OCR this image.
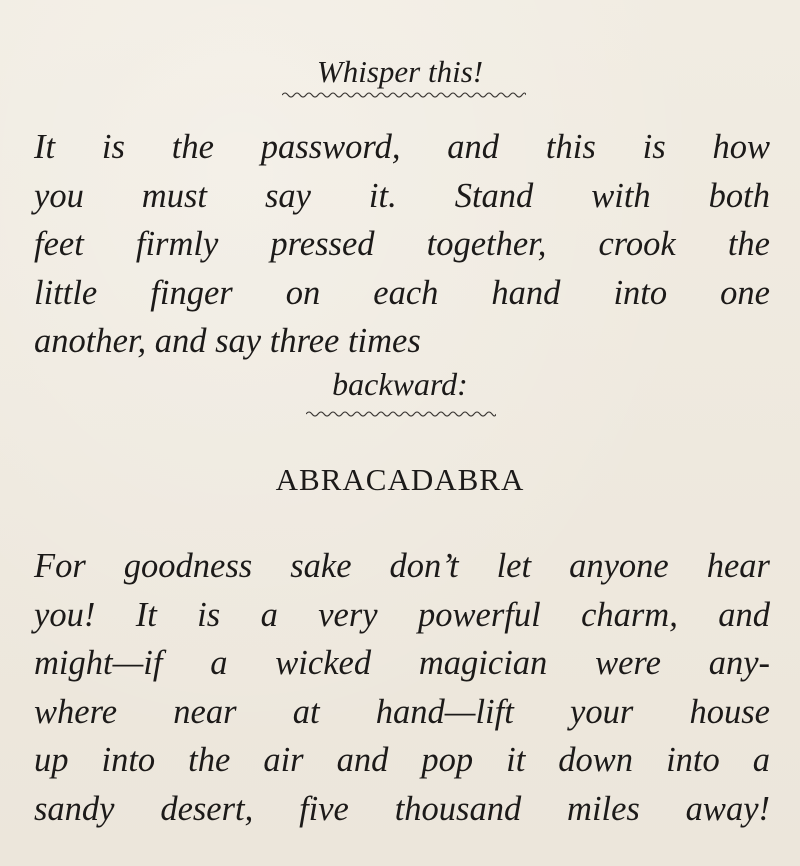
Whisper this!
It is the password, and this is how
you must say it. Stand with both
feet firmly pressed together, crook the
little finger on each hand into one
another, and say three times
backward:
ABRACADABRA
For goodness sake don’t let anyone hear
you! It is a very powerful charm, and
might—if a wicked magician were any-
where near at hand—lift your house
up into the air and pop it down into a
sandy desert, five thousand miles away!
